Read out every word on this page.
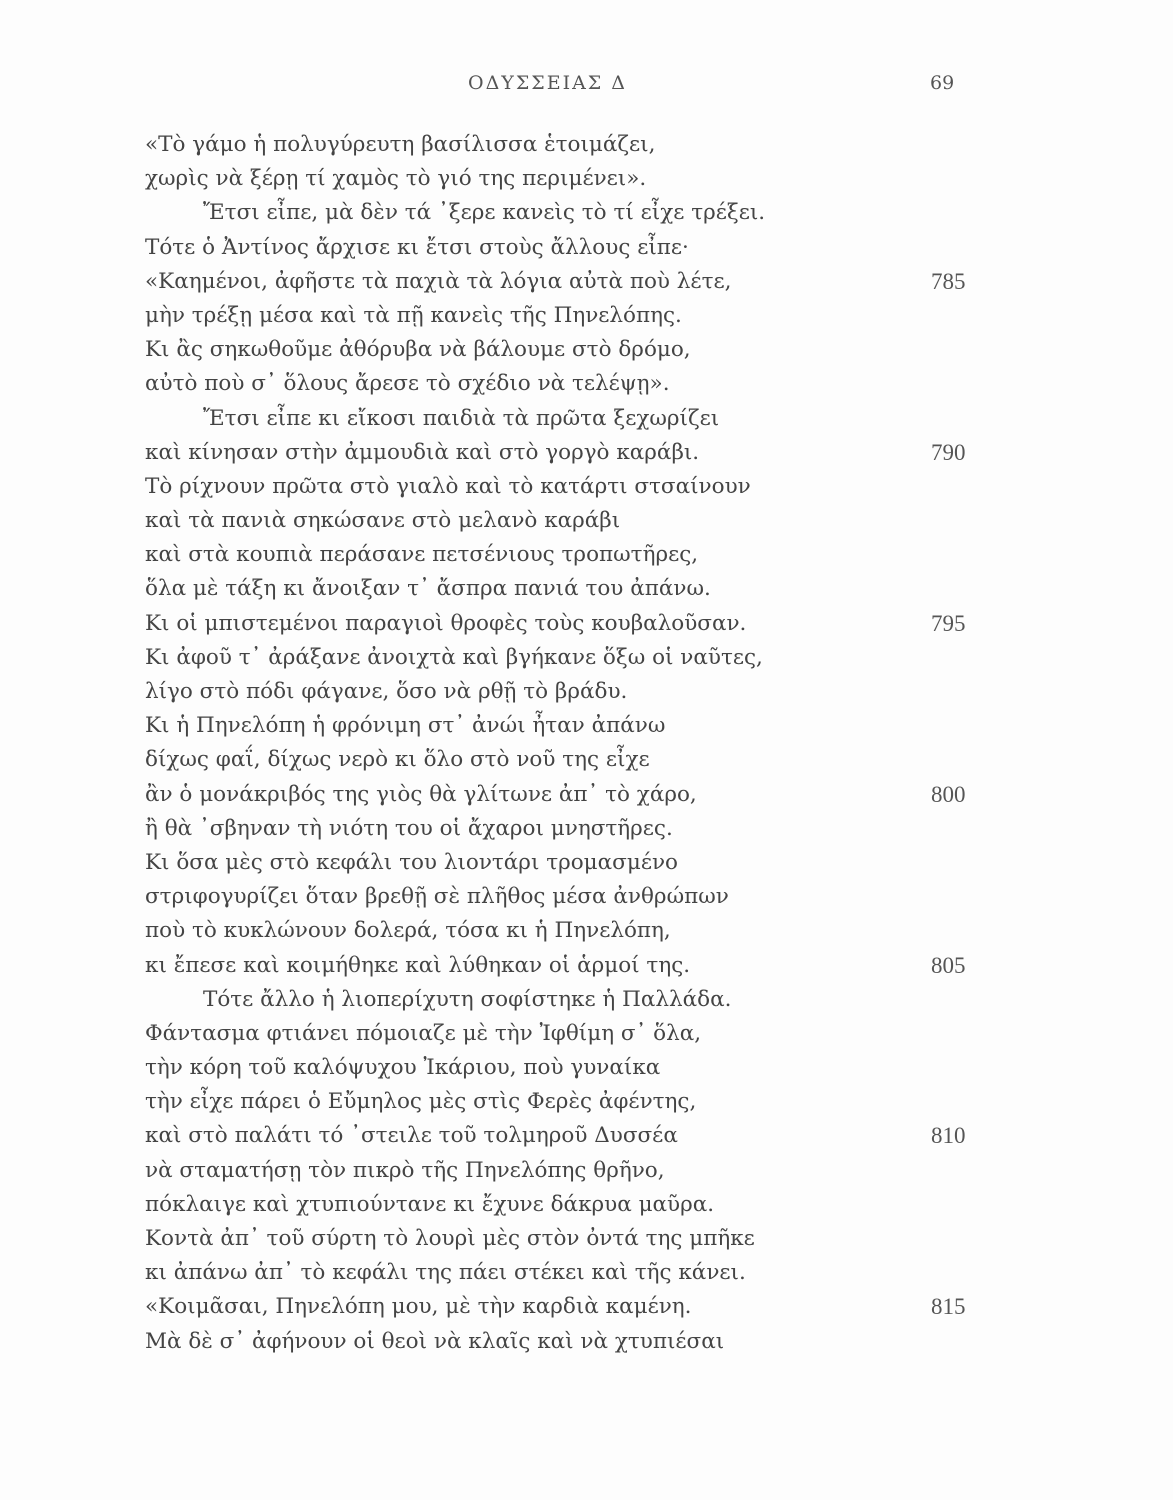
ΟΔΥΣΣΕΙΑΣ Δ	69
«Τὸ γάμο ἡ πολυγύρευτη βασίλισσα ἑτοιμάζει,
χωρὶς νὰ ξέρῃ τί χαμὸς τὸ γιό της περιμένει».
Ἔτσι εἶπε, μὰ δὲν τά ᾽ξερε κανεὶς τὸ τί εἶχε τρέξει.
Τότε ὁ Ἀντίνος ἄρχισε κι ἔτσι στοὺς ἄλλους εἶπε·
«Καημένοι, ἀφῆστε τὰ παχιὰ τὰ λόγια αὐτὰ ποὺ λέτε,	785
μὴν τρέξῃ μέσα καὶ τὰ πῇ κανεὶς τῆς Πηνελόπης.
Κι ἂς σηκωθοῦμε ἀθόρυβα νὰ βάλουμε στὸ δρόμο,
αὐτὸ ποὺ σ᾽ ὅλους ἄρεσε τὸ σχέδιο νὰ τελέψῃ».
Ἔτσι εἶπε κι εἴκοσι παιδιὰ τὰ πρῶτα ξεχωρίζει
καὶ κίνησαν στὴν ἀμμουδιὰ καὶ στὸ γοργὸ καράβι.	790
Τὸ ρίχνουν πρῶτα στὸ γιαλὸ καὶ τὸ κατάρτι στσαίνουν
καὶ τὰ πανιὰ σηκώσανε στὸ μελανὸ καράβι
καὶ στὰ κουπιὰ περάσανε πετσένιους τροπωτῆρες,
ὅλα μὲ τάξη κι ἄνοιξαν τ᾽ ἄσπρα πανιά του ἀπάνω.
Κι οἱ μπιστεμένοι παραγιοὶ θροφὲς τοὺς κουβαλοῦσαν.	795
Κι ἀφοῦ τ᾽ ἀράξανε ἀνοιχτὰ καὶ βγήκανε ὅξω οἱ ναῦτες,
λίγο στὸ πόδι φάγανε, ὅσο νὰ ρθῇ τὸ βράδυ.
Κι ἡ Πηνελόπη ἡ φρόνιμη στ᾽ ἀνώι ἦταν ἀπάνω
δίχως φαΐ, δίχως νερὸ κι ὅλο στὸ νοῦ της εἶχε
ἂν ὁ μονάκριβός της γιὸς θὰ γλίτωνε ἀπ᾽ τὸ χάρο,	800
ἢ θὰ ᾽σβηναν τὴ νιότη του οἱ ἄχαροι μνηστῆρες.
Κι ὅσα μὲς στὸ κεφάλι του λιοντάρι τρομασμένο
στριφογυρίζει ὅταν βρεθῇ σὲ πλῆθος μέσα ἀνθρώπων
ποὺ τὸ κυκλώνουν δολερά, τόσα κι ἡ Πηνελόπη,
κι ἔπεσε καὶ κοιμήθηκε καὶ λύθηκαν οἱ ἁρμοί της.	805
Τότε ἄλλο ἡ λιοπερίχυτη σοφίστηκε ἡ Παλλάδα.
Φάντασμα φτιάνει πόμοιαζε μὲ τὴν Ἰφθίμη σ᾽ ὅλα,
τὴν κόρη τοῦ καλόψυχου Ἰκάριου, ποὺ γυναίκα
τὴν εἶχε πάρει ὁ Εὔμηλος μὲς στὶς Φερὲς ἀφέντης,
καὶ στὸ παλάτι τό ᾽στειλε τοῦ τολμηροῦ Δυσσέα	810
νὰ σταματήσῃ τὸν πικρὸ τῆς Πηνελόπης θρῆνο,
πόκλαιγε καὶ χτυπιούντανε κι ἔχυνε δάκρυα μαῦρα.
Κοντὰ ἀπ᾽ τοῦ σύρτη τὸ λουρὶ μὲς στὸν ὀντά της μπῆκε
κι ἀπάνω ἀπ᾽ τὸ κεφάλι της πάει στέκει καὶ τῆς κάνει.
«Κοιμᾶσαι, Πηνελόπη μου, μὲ τὴν καρδιὰ καμένη.	815
Μὰ δὲ σ᾽ ἀφήνουν οἱ θεοὶ νὰ κλαῖς καὶ νὰ χτυπιέσαι
